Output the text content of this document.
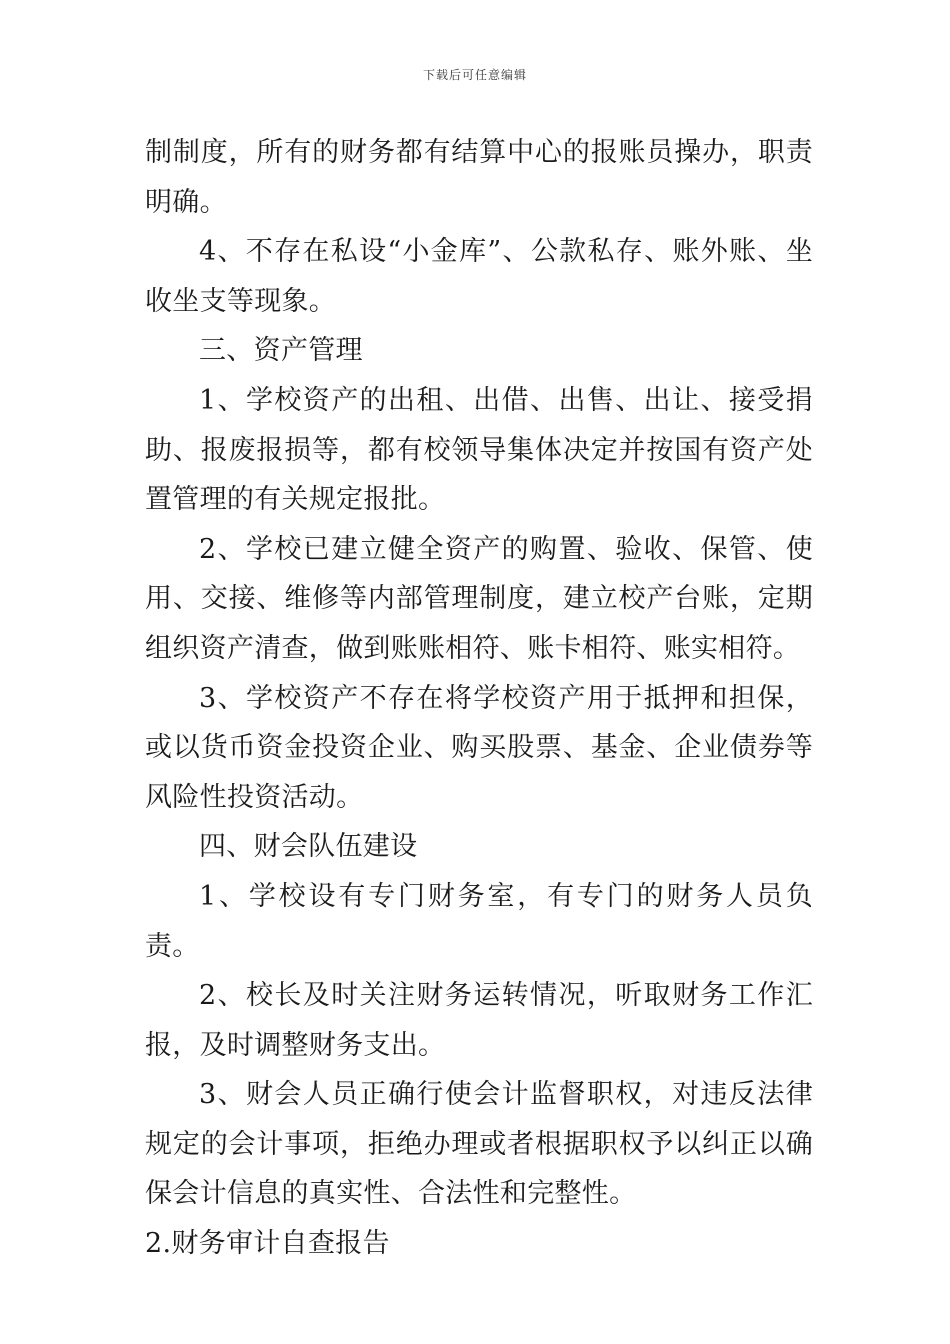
下载后可任意编辑

制制度，所有的财务都有结算中心的报账员操办，职责明确。

4、不存在私设“小金库”、公款私存、账外账、坐收坐支等现象。

三、资产管理

1、学校资产的出租、出借、出售、出让、接受捐助、报废报损等，都有校领导集体决定并按国有资产处置管理的有关规定报批。

2、学校已建立健全资产的购置、验收、保管、使用、交接、维修等内部管理制度，建立校产台账，定期组织资产清查，做到账账相符、账卡相符、账实相符。

3、学校资产不存在将学校资产用于抵押和担保，或以货币资金投资企业、购买股票、基金、企业债券等风险性投资活动。

四、财会队伍建设

1、学校设有专门财务室，有专门的财务人员负责。

2、校长及时关注财务运转情况，听取财务工作汇报，及时调整财务支出。

3、财会人员正确行使会计监督职权，对违反法律规定的会计事项，拒绝办理或者根据职权予以纠正以确保会计信息的真实性、合法性和完整性。

2.财务审计自查报告
